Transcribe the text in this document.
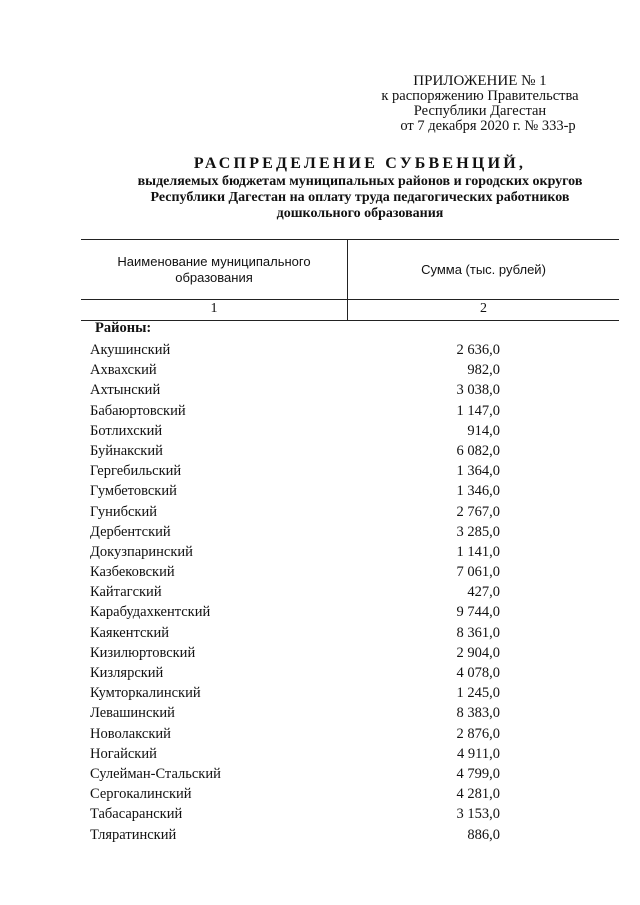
ПРИЛОЖЕНИЕ № 1
к распоряжению Правительства
Республики Дагестан
от 7 декабря 2020 г. № 333-р
РАСПРЕДЕЛЕНИЕ СУБВЕНЦИЙ,
выделяемых бюджетам муниципальных районов и городских округов
Республики Дагестан на оплату труда педагогических работников
дошкольного образования
Наименование муниципального
образования
Сумма (тыс. рублей)
1	2
Районы:
Акушинский	2 636,0
Ахвахский	982,0
Ахтынский	3 038,0
Бабаюртовский	1 147,0
Ботлихский	914,0
Буйнакский	6 082,0
Гергебильский	1 364,0
Гумбетовский	1 346,0
Гунибский	2 767,0
Дербентский	3 285,0
Докузпаринский	1 141,0
Казбековский	7 061,0
Кайтагский	427,0
Карабудахкентский	9 744,0
Каякентский	8 361,0
Кизилюртовский	2 904,0
Кизлярский	4 078,0
Кумторкалинский	1 245,0
Левашинский	8 383,0
Новолакский	2 876,0
Ногайский	4 911,0
Сулейман-Стальский	4 799,0
Сергокалинский	4 281,0
Табасаранский	3 153,0
Тляратинский	886,0
